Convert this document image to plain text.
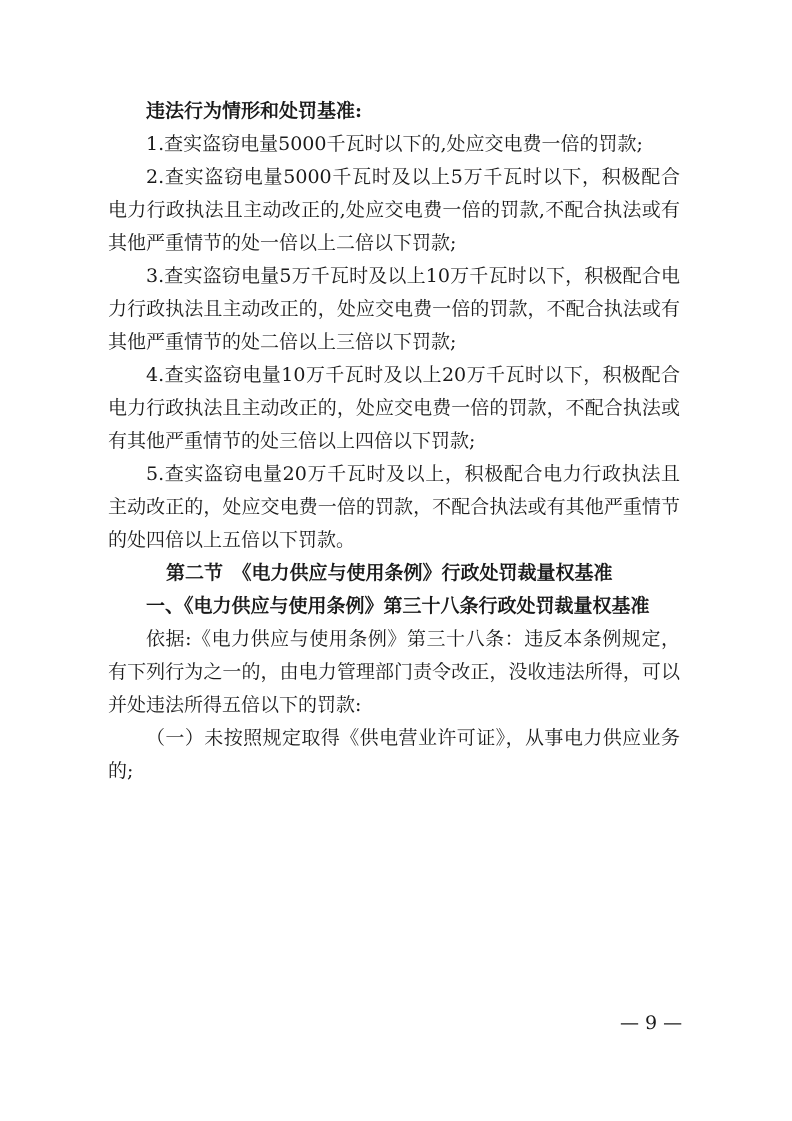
违法行为情形和处罚基准:

1.查实盗窃电量5000千瓦时以下的,处应交电费一倍的罚款;

2.查实盗窃电量5000千瓦时及以上5万千瓦时以下，积极配合电力行政执法且主动改正的,处应交电费一倍的罚款,不配合执法或有其他严重情节的处一倍以上二倍以下罚款;

3.查实盗窃电量5万千瓦时及以上10万千瓦时以下，积极配合电力行政执法且主动改正的，处应交电费一倍的罚款，不配合执法或有其他严重情节的处二倍以上三倍以下罚款;

4.查实盗窃电量10万千瓦时及以上20万千瓦时以下，积极配合电力行政执法且主动改正的，处应交电费一倍的罚款，不配合执法或有其他严重情节的处三倍以上四倍以下罚款;

5.查实盗窃电量20万千瓦时及以上，积极配合电力行政执法且主动改正的，处应交电费一倍的罚款，不配合执法或有其他严重情节的处四倍以上五倍以下罚款。

第二节　《电力供应与使用条例》行政处罚裁量权基准

一、《电力供应与使用条例》第三十八条行政处罚裁量权基准

依据:《电力供应与使用条例》第三十八条：违反本条例规定，有下列行为之一的，由电力管理部门责令改正，没收违法所得，可以并处违法所得五倍以下的罚款:

（一）未按照规定取得《供电营业许可证》，从事电力供应业务的;

— 9 —
